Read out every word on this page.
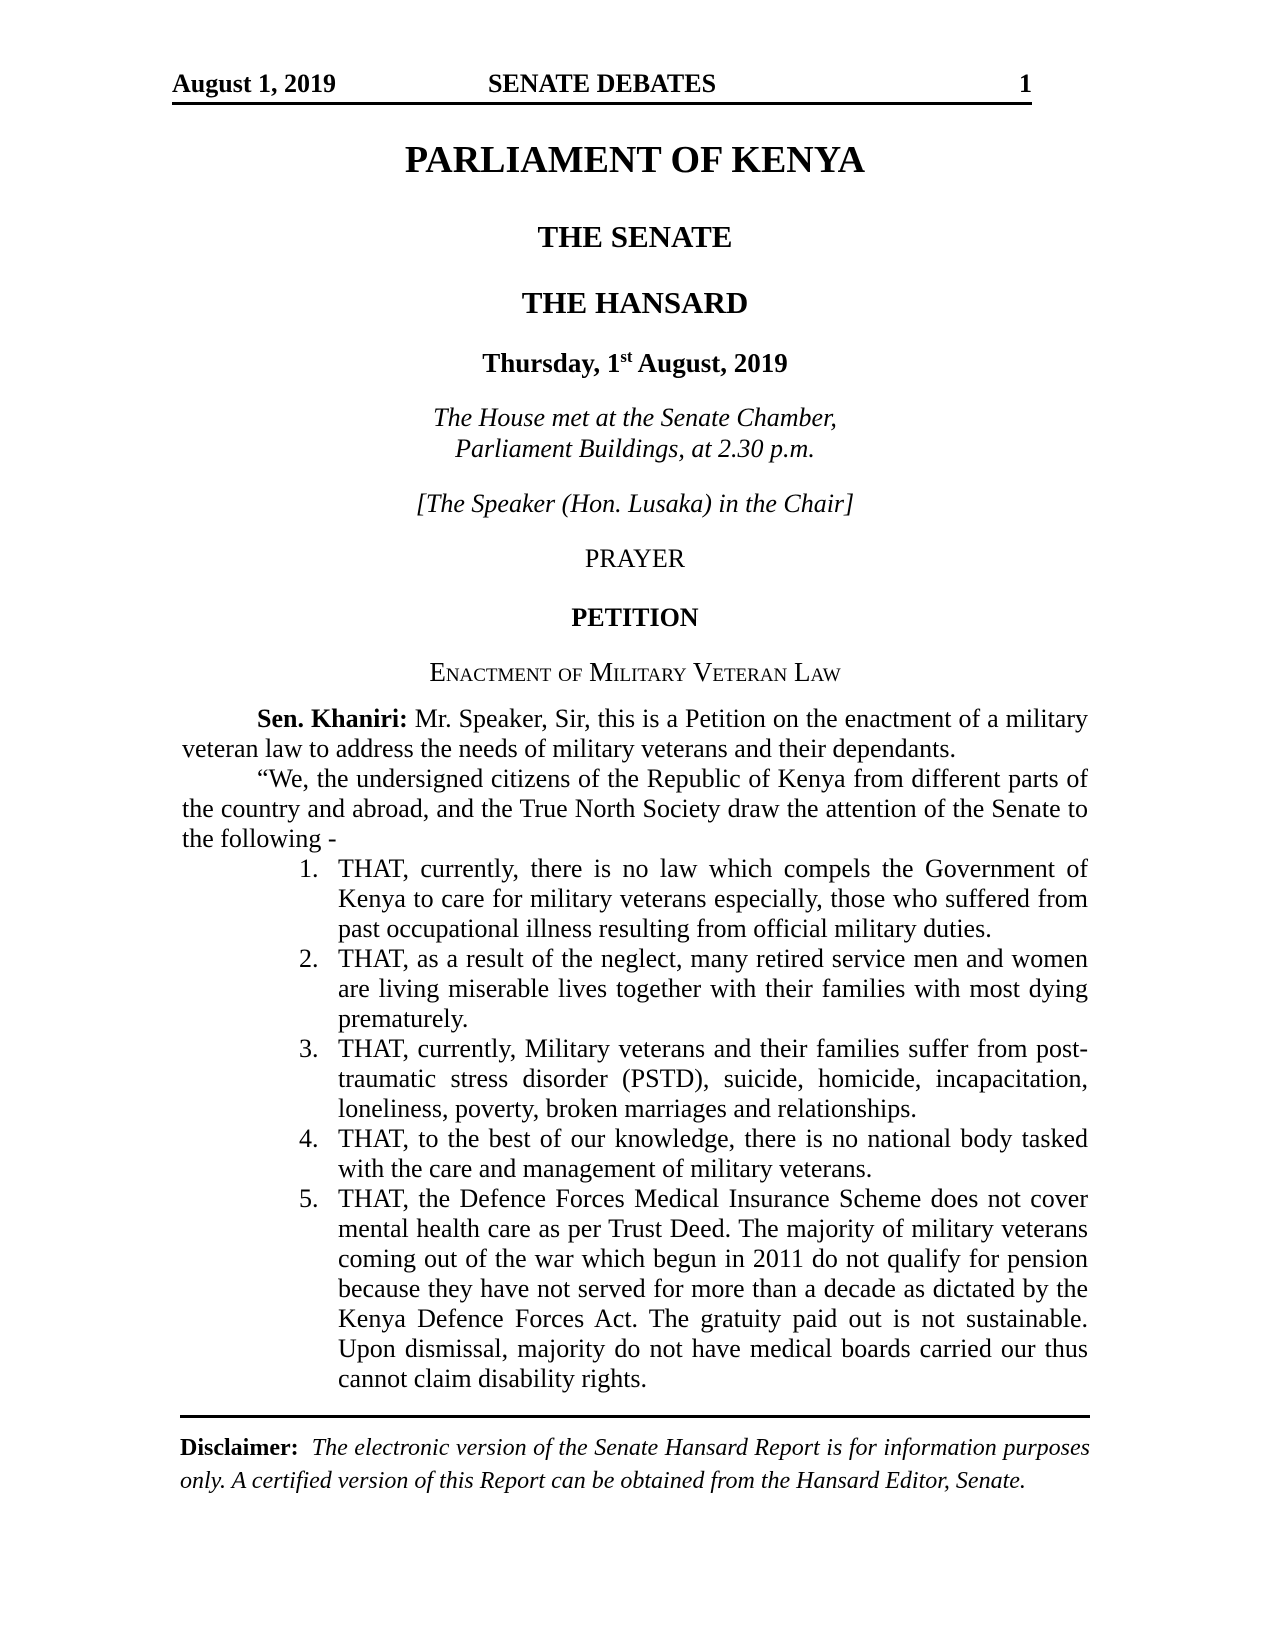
August 1, 2019	SENATE DEBATES	1
PARLIAMENT OF KENYA
THE SENATE
THE HANSARD
Thursday, 1st August, 2019
The House met at the Senate Chamber,
Parliament Buildings, at 2.30 p.m.
[The Speaker (Hon. Lusaka) in the Chair]
PRAYER
PETITION
Enactment of Military Veteran Law

Sen. Khaniri: Mr. Speaker, Sir, this is a Petition on the enactment of a military veteran law to address the needs of military veterans and their dependants.

“We, the undersigned citizens of the Republic of Kenya from different parts of the country and abroad, and the True North Society draw the attention of the Senate to the following -

1. THAT, currently, there is no law which compels the Government of Kenya to care for military veterans especially, those who suffered from past occupational illness resulting from official military duties.
2. THAT, as a result of the neglect, many retired service men and women are living miserable lives together with their families with most dying prematurely.
3. THAT, currently, Military veterans and their families suffer from post-traumatic stress disorder (PSTD), suicide, homicide, incapacitation, loneliness, poverty, broken marriages and relationships.
4. THAT, to the best of our knowledge, there is no national body tasked with the care and management of military veterans.
5. THAT, the Defence Forces Medical Insurance Scheme does not cover mental health care as per Trust Deed. The majority of military veterans coming out of the war which begun in 2011 do not qualify for pension because they have not served for more than a decade as dictated by the Kenya Defence Forces Act. The gratuity paid out is not sustainable. Upon dismissal, majority do not have medical boards carried our thus cannot claim disability rights.

Disclaimer: The electronic version of the Senate Hansard Report is for information purposes only. A certified version of this Report can be obtained from the Hansard Editor, Senate.
